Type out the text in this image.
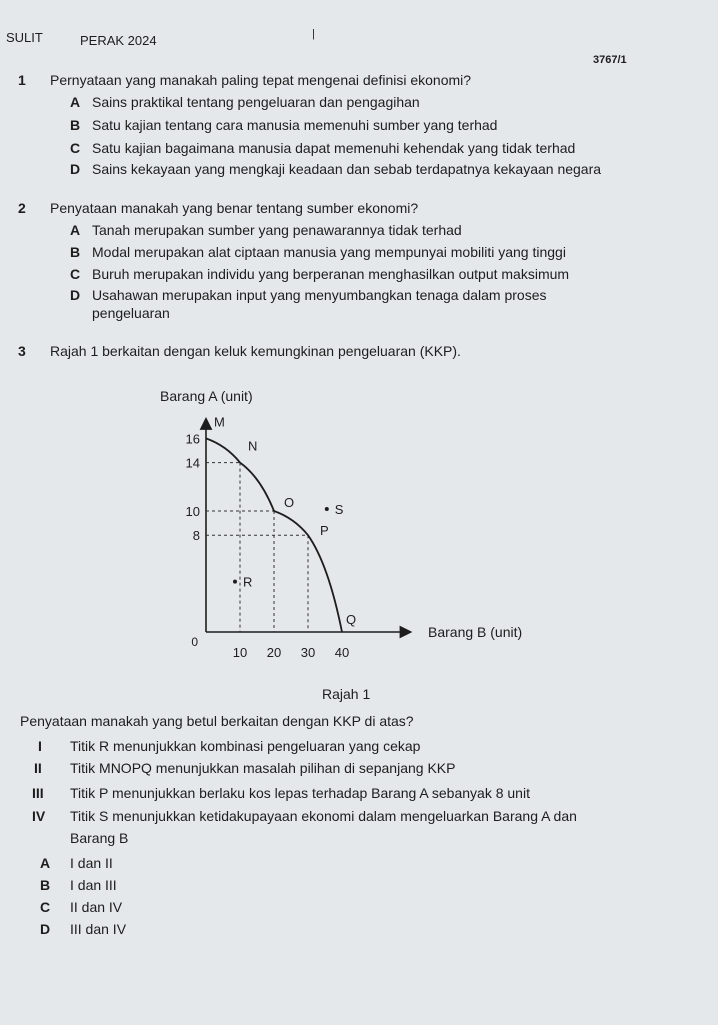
SULIT	PERAK 2024	|
3767/1
1 Pernyataan yang manakah paling tepat mengenai definisi ekonomi?
A Sains praktikal tentang pengeluaran dan pengagihan
B Satu kajian tentang cara manusia memenuhi sumber yang terhad
C Satu kajian bagaimana manusia dapat memenuhi kehendak yang tidak terhad
D Sains kekayaan yang mengkaji keadaan dan sebab terdapatnya kekayaan negara
2 Penyataan manakah yang benar tentang sumber ekonomi?
A Tanah merupakan sumber yang penawarannya tidak terhad
B Modal merupakan alat ciptaan manusia yang mempunyai mobiliti yang tinggi
C Buruh merupakan individu yang berperanan menghasilkan output maksimum
D Usahawan merupakan input yang menyumbangkan tenaga dalam proses
pengeluaran
3 Rajah 1 berkaitan dengan keluk kemungkinan pengeluaran (KKP).
Barang A (unit)
Barang B (unit)
0
16
14
10
8
10 20 30 40
M
N
O
P
Q
R
S
Rajah 1
Penyataan manakah yang betul berkaitan dengan KKP di atas?
I Titik R menunjukkan kombinasi pengeluaran yang cekap
II Titik MNOPQ menunjukkan masalah pilihan di sepanjang KKP
III Titik P menunjukkan berlaku kos lepas terhadap Barang A sebanyak 8 unit
IV Titik S menunjukkan ketidakupayaan ekonomi dalam mengeluarkan Barang A dan
Barang B
A I dan II
B I dan III
C II dan IV
D III dan IV
